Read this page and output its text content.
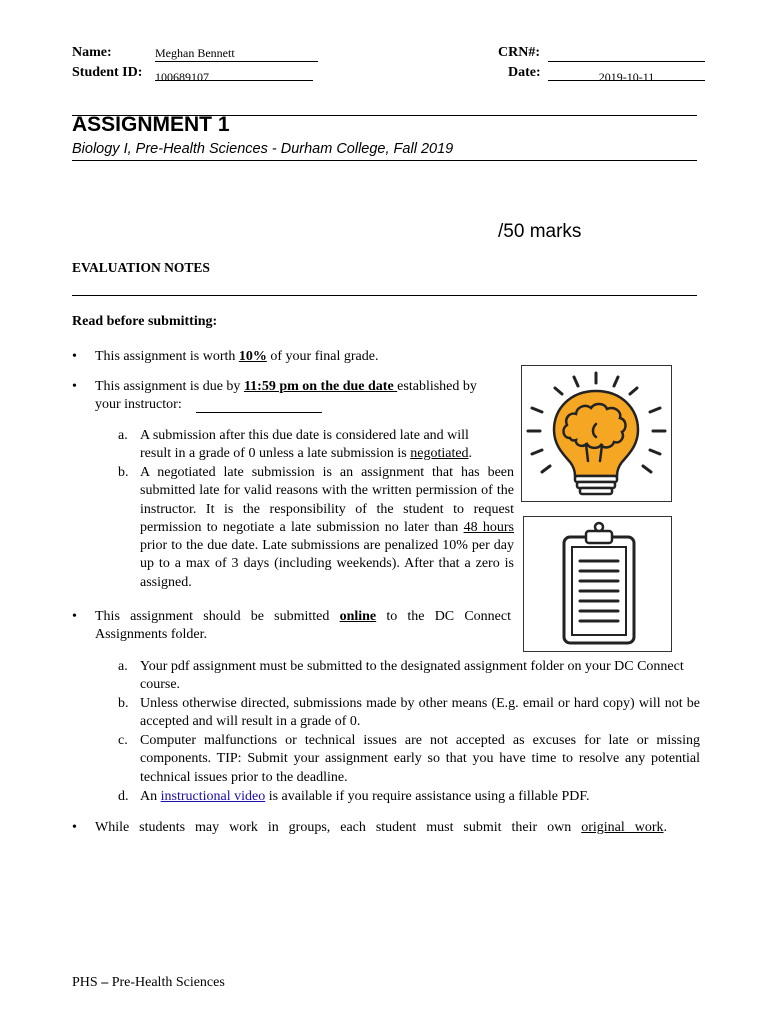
Name:	Meghan Bennett
Student ID: 100689107
CRN#:
Date:	2019-10-11
ASSIGNMENT 1
Biology I, Pre-Health Sciences - Durham College, Fall 2019
/50 marks
EVALUATION NOTES
Read before submitting:
• This assignment is worth 10% of your final grade.
• This assignment is due by 11:59 pm on the due date established by
your instructor:
a. A submission after this due date is considered late and will result in a grade of 0 unless a late submission is negotiated.
b. A negotiated late submission is an assignment that has been submitted late for valid reasons with the written permission of the instructor. It is the responsibility of the student to request permission to negotiate a late submission no later than 48 hours prior to the due date. Late submissions are penalized 10% per day up to a max of 3 days (including weekends). After that a zero is assigned.
• This assignment should be submitted online to the DC Connect Assignments folder.
a. Your pdf assignment must be submitted to the designated assignment folder on your DC Connect course.
b. Unless otherwise directed, submissions made by other means (E.g. email or hard copy) will not be accepted and will result in a grade of 0.
c. Computer malfunctions or technical issues are not accepted as excuses for late or missing components. TIP: Submit your assignment early so that you have time to resolve any potential technical issues prior to the deadline.
d. An instructional video is available if you require assistance using a fillable PDF.
• While students may work in groups, each student must submit their own original work.
PHS – Pre-Health Sciences
